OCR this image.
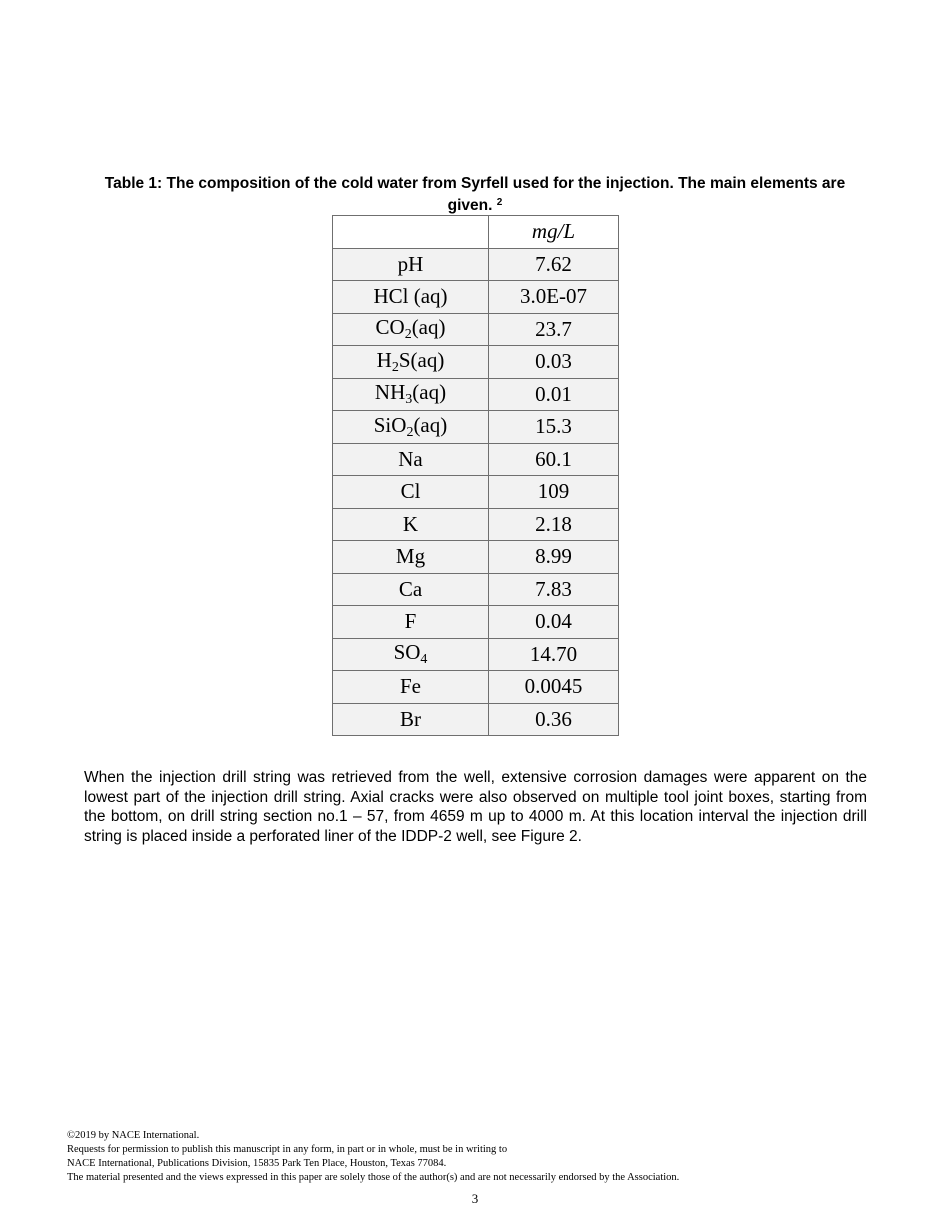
Table 1: The composition of the cold water from Syrfell used for the injection. The main elements are given. $^2$
	mg/L
pH	7.62
HCl (aq)	3.0E-07
$CO_2(aq)$	23.7
$H_2S(aq)$	0.03
$NH_3(aq)$	0.01
SiO$_2$(aq)	15.3
Na	60.1
Cl	109
K	2.18
Mg	8.99
Ca	7.83
F	0.04
$SO_4$	14.70
Fe	0.0045
Br	0.36
When the injection drill string was retrieved from the well, extensive corrosion damages were apparent on the lowest part of the injection drill string. Axial cracks were also observed on multiple tool joint boxes, starting from the bottom, on drill string section no.1 – 57, from 4659 m up to 4000 m. At this location interval the injection drill string is placed inside a perforated liner of the IDDP-2 well, see Figure 2.
©2019 by NACE International.
Requests for permission to publish this manuscript in any form, in part or in whole, must be in writing to
NACE International, Publications Division, 15835 Park Ten Place, Houston, Texas 77084.
The material presented and the views expressed in this paper are solely those of the author(s) and are not necessarily endorsed by the Association.
3
